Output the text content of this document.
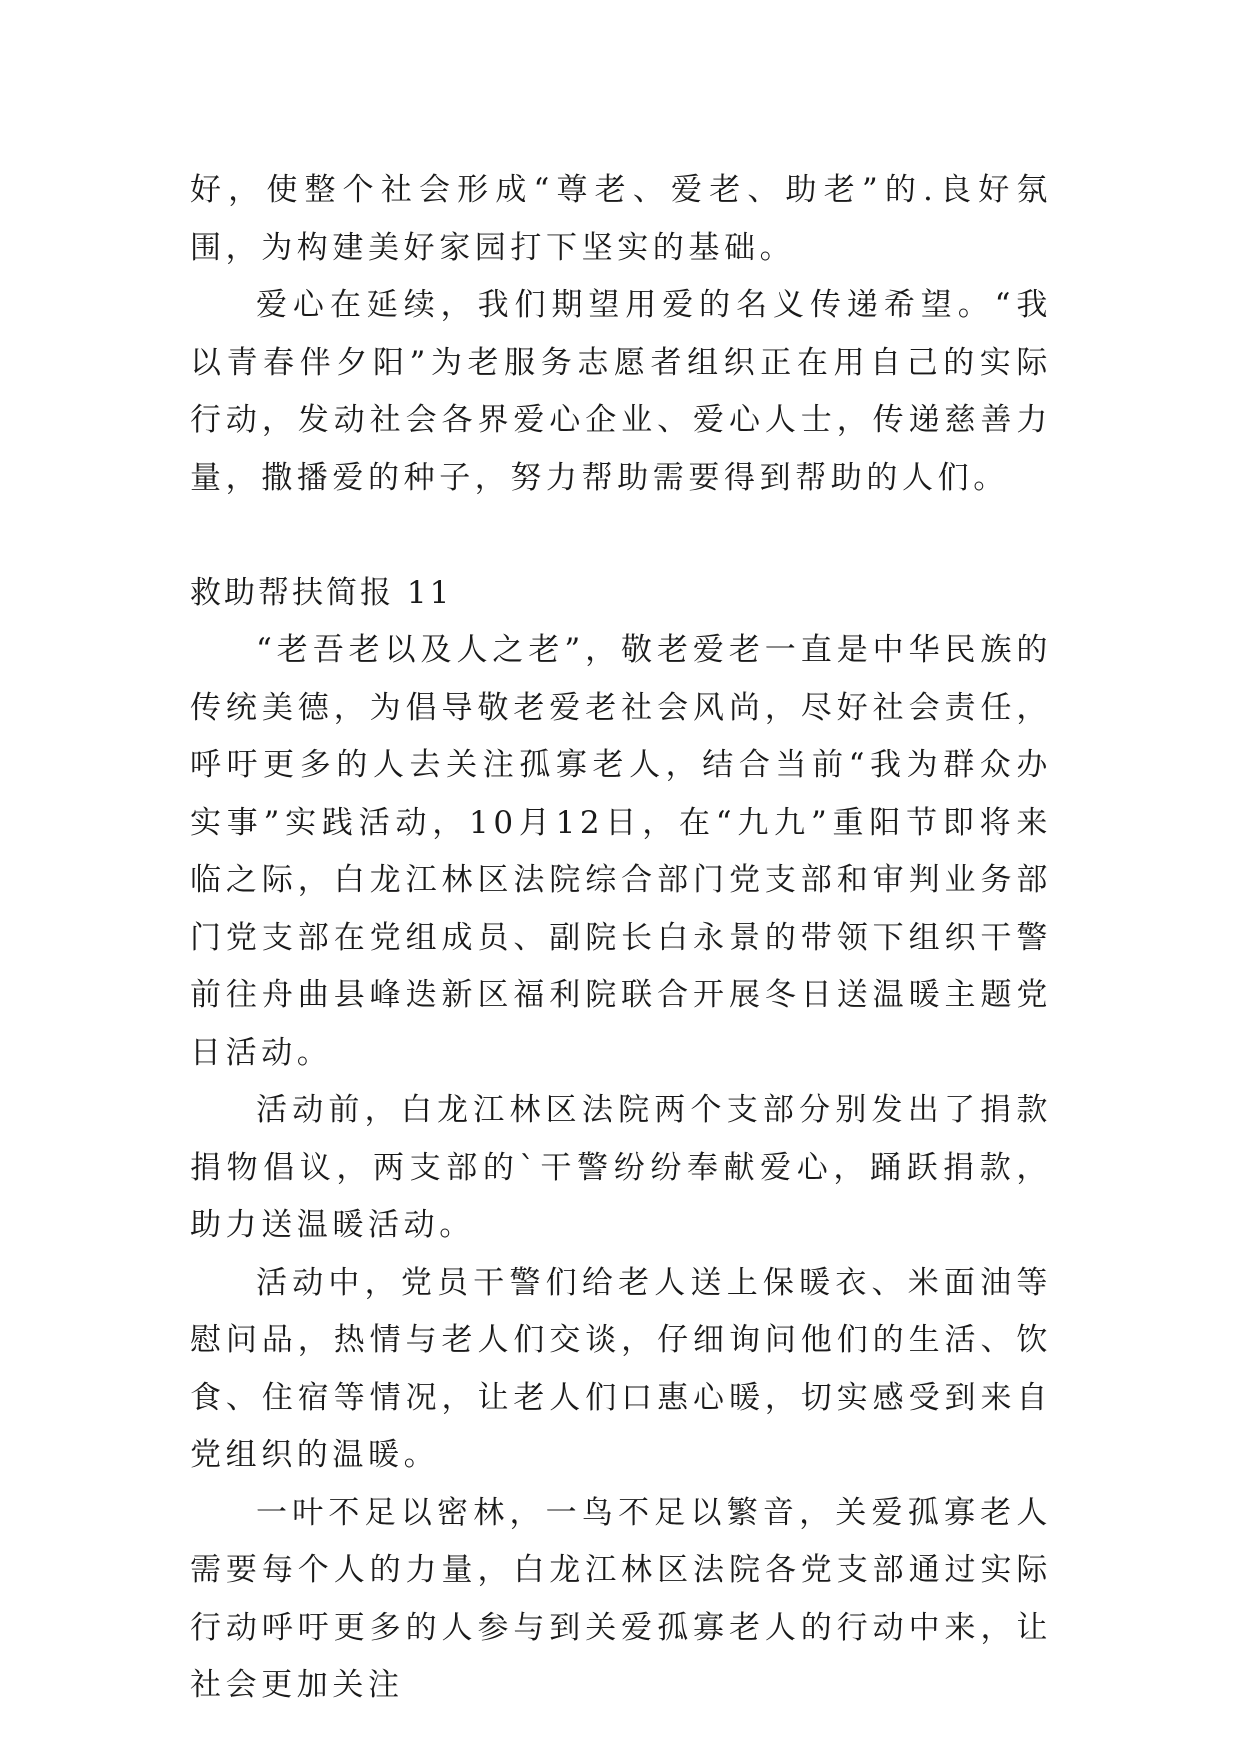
好，使整个社会形成“尊老、爱老、助老”的.良好氛围，为构建美好家园打下坚实的基础。

爱心在延续，我们期望用爱的名义传递希望。“我以青春伴夕阳”为老服务志愿者组织正在用自己的实际行动，发动社会各界爱心企业、爱心人士，传递慈善力量，撒播爱的种子，努力帮助需要得到帮助的人们。

救助帮扶简报 11

“老吾老以及人之老”，敬老爱老一直是中华民族的传统美德，为倡导敬老爱老社会风尚，尽好社会责任，呼吁更多的人去关注孤寡老人，结合当前“我为群众办实事”实践活动，10月12日，在“九九”重阳节即将来临之际，白龙江林区法院综合部门党支部和审判业务部门党支部在党组成员、副院长白永景的带领下组织干警前往舟曲县峰迭新区福利院联合开展冬日送温暖主题党日活动。

活动前，白龙江林区法院两个支部分别发出了捐款捐物倡议，两支部的`干警纷纷奉献爱心，踊跃捐款，助力送温暖活动。

活动中，党员干警们给老人送上保暖衣、米面油等慰问品，热情与老人们交谈，仔细询问他们的生活、饮食、住宿等情况，让老人们口惠心暖，切实感受到来自党组织的温暖。

一叶不足以密林，一鸟不足以繁音，关爱孤寡老人需要每个人的力量，白龙江林区法院各党支部通过实际行动呼吁更多的人参与到关爱孤寡老人的行动中来，让社会更加关注
